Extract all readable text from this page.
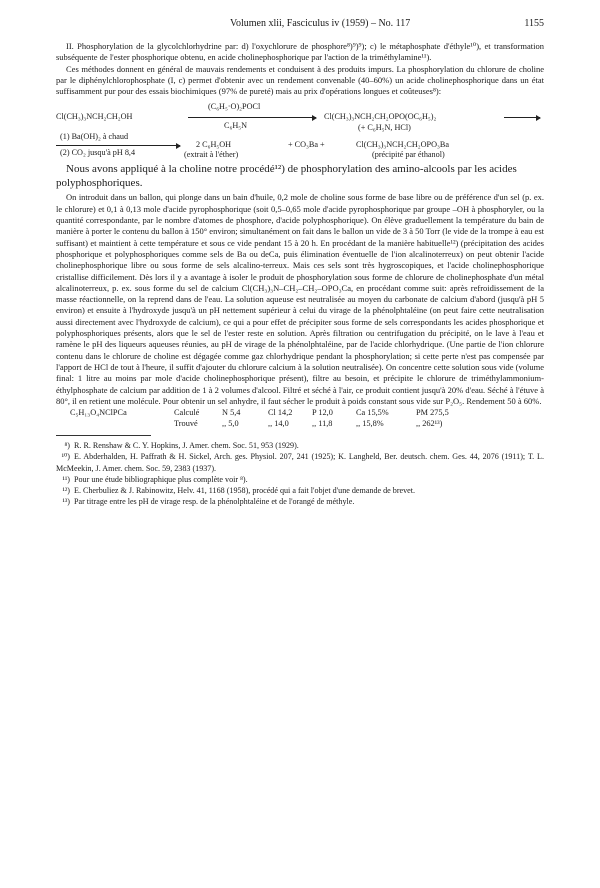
Volumen xlii, Fasciculus iv (1959) – No. 117	1155

II. Phosphorylation de la glycolchlorhydrine par: d) l'oxychlorure de phosphore⁸)⁹)⁹); c) le métaphosphate d'éthyle¹⁰), et transformation subséquente de l'ester phosphorique obtenu, en acide cholinephosphorique par l'action de la triméthylamine¹¹).

Ces méthodes donnent en général de mauvais rendements et conduisent à des produits impurs. La phosphorylation du chlorure de choline par le diphénylchlorophosphate (I, c) permet d'obtenir avec un rendement convenable (40–60%) un acide cholinephosphorique dans un état suffisamment pur pour des essais biochimiques (97% de pureté) mais au prix d'opérations longues et coûteuses⁸):

Cl(CH₃)₃NCH₂CH₂OH
(C₆H₅·O)₂POCl
C₆H₅N
Cl(CH₃)₃NCH₂CH₂OPO(OC₆H₅)₂
(+ C₆H₅N, HCl)
(1) Ba(OH)₂ à chaud
(2) CO₂ jusqu'à pH 8,4
2 C₆H₅OH
(extrait à l'éther)
+ CO₃Ba +	Cl(CH₃)₃NCH₂CH₂OPO₃Ba
(précipité par éthanol)

Nous avons appliqué à la choline notre procédé¹²) de phosphorylation des amino-alcools par les acides polyphosphoriques.

On introduit dans un ballon, qui plonge dans un bain d'huile, 0,2 mole de choline sous forme de base libre ou de préférence d'un sel (p. ex. le chlorure) et 0,1 à 0,13 mole d'acide pyrophosphorique (soit 0,5–0,65 mole d'acide pyrophosphorique par groupe –OH à phosphoryler, ou la quantité correspondante, par le nombre d'atomes de phosphore, d'acide polyphosphorique). On élève graduellement la température du bain de manière à porter le contenu du ballon à 150° environ; simultanément on fait dans le ballon un vide de 3 à 50 Torr (le vide de la trompe à eau est suffisant) et maintient à cette température et sous ce vide pendant 15 à 20 h. En procédant de la manière habituelle¹²) (précipitation des acides phosphorique et polyphosphoriques comme sels de Ba ou deCa, puis élimination éventuelle de l'ion alcalinoterreux) on peut obtenir l'acide cholinephosphorique libre ou sous forme de sels alcalino-terreux. Mais ces sels sont très hygroscopiques, et l'acide cholinephosphorique cristallise difficilement. Dès lors il y a avantage à isoler le produit de phosphorylation sous forme de chlorure de cholinephosphate d'un métal alcalinoterreux, p. ex. sous forme du sel de calcium Cl(CH₃)₃N–CH₂–CH₂–OPO₃Ca, en procédant comme suit: après refroidissement de la masse réactionnelle, on la reprend dans de l'eau. La solution aqueuse est neutralisée au moyen du carbonate de calcium d'abord (jusqu'à pH 5 environ) et ensuite à l'hydroxyde jusqu'à un pH nettement supérieur à celui du virage de la phénolphtaléine (on peut faire cette neutralisation aussi directement avec l'hydroxyde de calcium), ce qui a pour effet de précipiter sous forme de sels correspondants les acides phosphorique et polyphosphoriques présents, alors que le sel de l'ester reste en solution. Après filtration ou centrifugation du précipité, on le lave à l'eau et ramène le pH des liqueurs aqueuses réunies, au pH de virage de la phénolphtaléine, par de l'acide chlorhydrique. (Une partie de l'ion chlorure contenu dans le chlorure de choline est dégagée comme gaz chlorhydrique pendant la phosphorylation; si cette perte n'est pas compensée par l'apport de HCl de tout à l'heure, il suffit d'ajouter du chlorure calcium à la solution neutralisée). On concentre cette solution sous vide (volume final: 1 litre au moins par mole d'acide cholinephosphorique présent), filtre au besoin, et précipite le chlorure de triméthylammonium-éthylphosphate de calcium par addition de 1 à 2 volumes d'alcool. Filtré et séché à l'air, ce produit contient jusqu'à 20% d'eau. Séché à l'étuve à 80°, il en retient une molécule. Pour obtenir un sel anhydre, il faut sécher le produit à poids constant sous vide sur P₂O₅. Rendement 50 à 60%.

C₅H₁₃O₄NClPCa	Calculé	N 5,4	Cl 14,2 P 12,0	Ca 15,5%	PM 275,5
Trouvé	,, 5,0	,, 14,0	,, 11,8	,, 15,8%	,, 262¹³)

⁸) R. R. Renshaw & C. Y. Hopkins, J. Amer. chem. Soc. 51, 953 (1929).

¹⁰) E. Abderhalden, H. Paffrath & H. Sickel, Arch. ges. Physiol. 207, 241 (1925); K. Langheld, Ber. deutsch. chem. Ges. 44, 2076 (1911); T. L. McMeekin, J. Amer. chem. Soc. 59, 2383 (1937).

¹¹) Pour une étude bibliographique plus complète voir ⁸).

¹²) E. Cherbuliez & J. Rabinowitz, Helv. 41, 1168 (1958), procédé qui a fait l'objet d'une demande de brevet.

¹³) Par titrage entre les pH de virage resp. de la phénolphtaléine et de l'orangé de méthyle.
